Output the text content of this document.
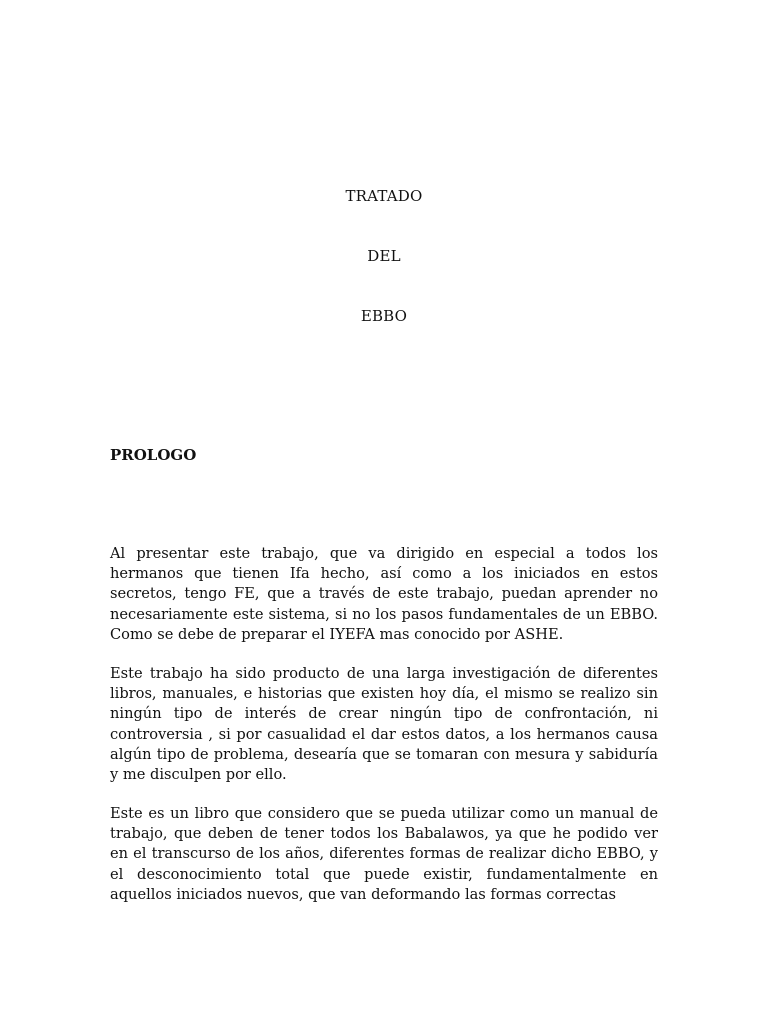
TRATADO
DEL
EBBO
PROLOGO

Al presentar este trabajo, que va dirigido en especial a todos los hermanos que tienen Ifa hecho, así como a los iniciados en estos secretos, tengo FE, que a través de este trabajo, puedan aprender no necesariamente este sistema, si no los pasos fundamentales de un EBBO. Como se debe de preparar el IYEFA mas conocido por ASHE.

Este trabajo ha sido producto de una larga investigación de diferentes libros, manuales, e historias que existen hoy día, el mismo se realizo sin ningún tipo de interés de crear ningún tipo de confrontación, ni controversia , si por casualidad el dar estos datos, a los hermanos causa algún tipo de problema, desearía que se tomaran con mesura y sabiduría y me disculpen por ello.

Este es un libro que considero que se pueda utilizar como un manual de trabajo, que deben de tener todos los Babalawos, ya que he podido ver en el transcurso de los años, diferentes formas de realizar dicho EBBO, y el desconocimiento total que puede existir, fundamentalmente en aquellos iniciados nuevos, que van deformando las formas correctas
